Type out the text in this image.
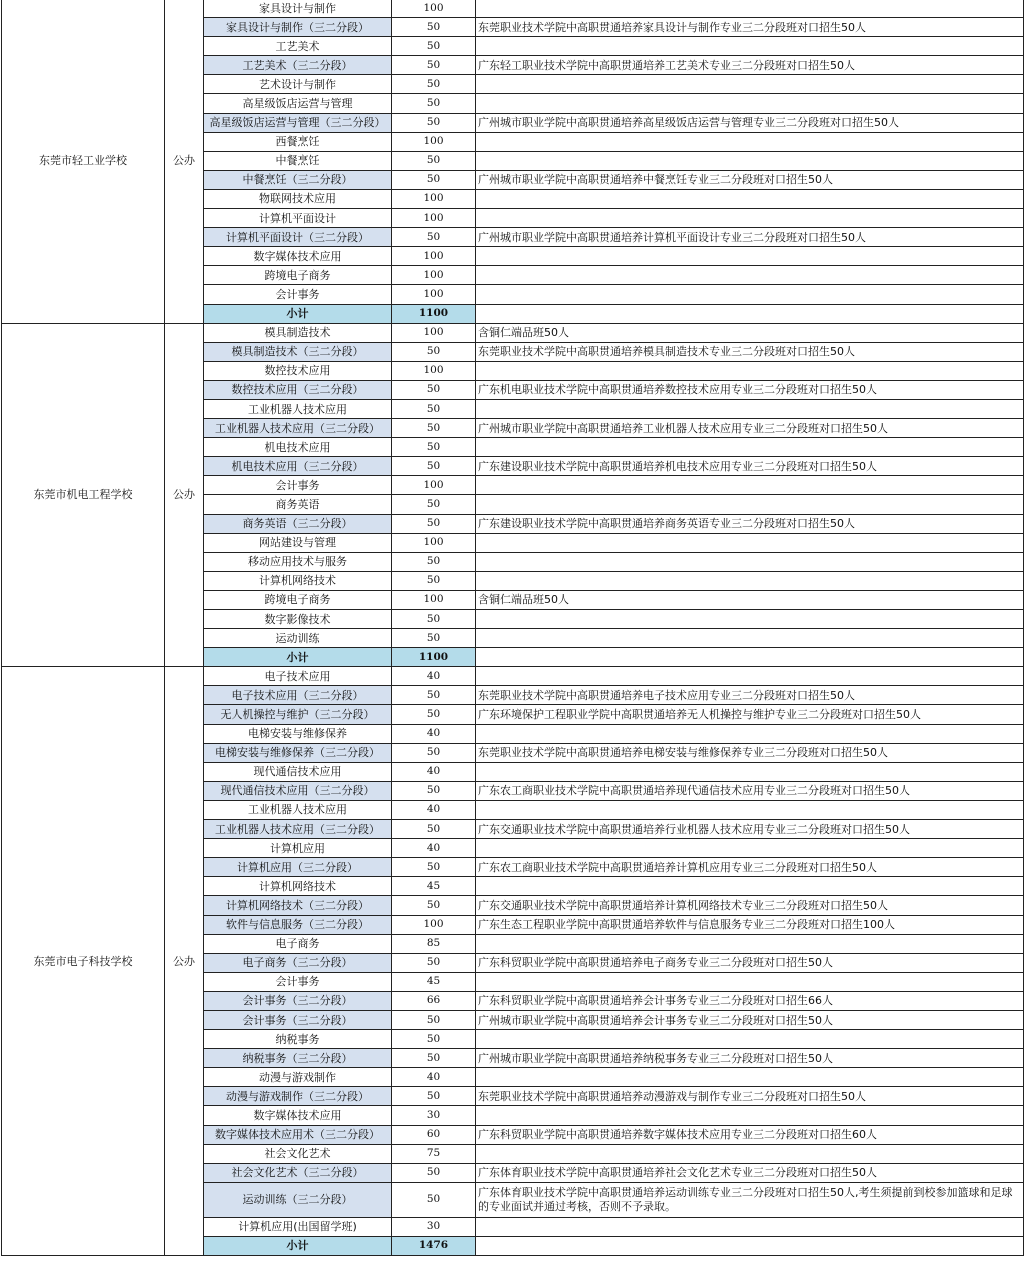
东莞市轻工业学校	公办	家具设计与制作	100	
		家具设计与制作（三二分段）	50	东莞职业技术学院中高职贯通培养家具设计与制作专业三二分段班对口招生50人
		工艺美术	50	
		工艺美术（三二分段）	50	广东轻工职业技术学院中高职贯通培养工艺美术专业三二分段班对口招生50人
		艺术设计与制作	50	
		高星级饭店运营与管理	50	
		高星级饭店运营与管理（三二分段）	50	广州城市职业学院中高职贯通培养高星级饭店运营与管理专业三二分段班对口招生50人
		西餐烹饪	100	
		中餐烹饪	50	
		中餐烹饪（三二分段）	50	广州城市职业学院中高职贯通培养中餐烹饪专业三二分段班对口招生50人
		物联网技术应用	100	
		计算机平面设计	100	
		计算机平面设计（三二分段）	50	广州城市职业学院中高职贯通培养计算机平面设计专业三二分段班对口招生50人
		数字媒体技术应用	100	
		跨境电子商务	100	
		会计事务	100	
		小计	1100	
东莞市机电工程学校	公办	模具制造技术	100	含铜仁端品班50人
		模具制造技术（三二分段）	50	东莞职业技术学院中高职贯通培养模具制造技术专业三二分段班对口招生50人
		数控技术应用	100	
		数控技术应用（三二分段）	50	广东机电职业技术学院中高职贯通培养数控技术应用专业三二分段班对口招生50人
		工业机器人技术应用	50	
		工业机器人技术应用（三二分段）	50	广州城市职业学院中高职贯通培养工业机器人技术应用专业三二分段班对口招生50人
		机电技术应用	50	
		机电技术应用（三二分段）	50	广东建设职业技术学院中高职贯通培养机电技术应用专业三二分段班对口招生50人
		会计事务	100	
		商务英语	50	
		商务英语（三二分段）	50	广东建设职业技术学院中高职贯通培养商务英语专业三二分段班对口招生50人
		网站建设与管理	100	
		移动应用技术与服务	50	
		计算机网络技术	50	
		跨境电子商务	100	含铜仁端品班50人
		数字影像技术	50	
		运动训练	50	
		小计	1100	
东莞市电子科技学校	公办	电子技术应用	40	
		电子技术应用（三二分段）	50	东莞职业技术学院中高职贯通培养电子技术应用专业三二分段班对口招生50人
		无人机操控与维护（三二分段）	50	广东环境保护工程职业学院中高职贯通培养无人机操控与维护专业三二分段班对口招生50人
		电梯安装与维修保养	40	
		电梯安装与维修保养（三二分段）	50	东莞职业技术学院中高职贯通培养电梯安装与维修保养专业三二分段班对口招生50人
		现代通信技术应用	40	
		现代通信技术应用（三二分段）	50	广东农工商职业技术学院中高职贯通培养现代通信技术应用专业三二分段班对口招生50人
		工业机器人技术应用	40	
		工业机器人技术应用（三二分段）	50	广东交通职业技术学院中高职贯通培养行业机器人技术应用专业三二分段班对口招生50人
		计算机应用	40	
		计算机应用（三二分段）	50	广东农工商职业技术学院中高职贯通培养计算机应用专业三二分段班对口招生50人
		计算机网络技术	45	
		计算机网络技术（三二分段）	50	广东交通职业技术学院中高职贯通培养计算机网络技术专业三二分段班对口招生50人
		软件与信息服务（三二分段）	100	广东生态工程职业学院中高职贯通培养软件与信息服务专业三二分段班对口招生100人
		电子商务	85	
		电子商务（三二分段）	50	广东科贸职业学院中高职贯通培养电子商务专业三二分段班对口招生50人
		会计事务	45	
		会计事务（三二分段）	66	广东科贸职业学院中高职贯通培养会计事务专业三二分段班对口招生66人
		会计事务（三二分段）	50	广州城市职业学院中高职贯通培养会计事务专业三二分段班对口招生50人
		纳税事务	50	
		纳税事务（三二分段）	50	广州城市职业学院中高职贯通培养纳税事务专业三二分段班对口招生50人
		动漫与游戏制作	40	
		动漫与游戏制作（三二分段）	50	东莞职业技术学院中高职贯通培养动漫游戏与制作专业三二分段班对口招生50人
		数字媒体技术应用	30	
		数字媒体技术应用术（三二分段）	60	广东科贸职业学院中高职贯通培养数字媒体技术应用专业三二分段班对口招生60人
		社会文化艺术	75	
		社会文化艺术（三二分段）	50	广东体育职业技术学院中高职贯通培养社会文化艺术专业三二分段班对口招生50人
		运动训练（三二分段）	50	广东体育职业技术学院中高职贯通培养运动训练专业三二分段班对口招生50人,考生须提前到校参加篮球和足球的专业面试并通过考核，否则不予录取。
		计算机应用(出国留学班)	30	
		小计	1476	
